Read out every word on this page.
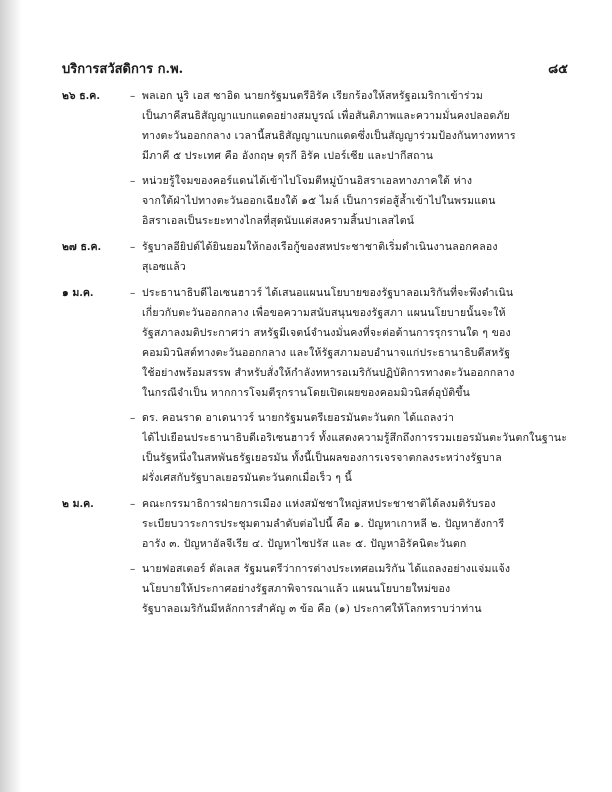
บริการสวัสดิการ ก.พ.	๘๕
๒๖ ธ.ค.	– พลเอก นูริ เอส ซาอิด นายกรัฐมนตรีอิรัค เรียกร้องให้สหรัฐอเมริกาเข้าร่วม
เป็นภาคีสนธิสัญญาแบกแดดอย่างสมบูรณ์ เพื่อสันติภาพและความมั่นคงปลอดภัย
ทางตะวันออกกลาง เวลานี้สนธิสัญญาแบกแดดซึ่งเป็นสัญญาร่วมป้องกันทางทหาร
มีภาคี ๕ ประเทศ คือ อังกฤษ ตุรกี อิรัค เปอร์เซีย และปากีสถาน
– หน่วยรู้ใจมของคอร์แดนได้เข้าไปโจมตีหมู่บ้านอิสราเอลทางภาคใต้ ห่าง
จากใต้ฝ่าไปทางตะวันออกเฉียงใต้ ๑๕ ไมล์ เป็นการต่อสู้ล้ำเข้าไปในพรมแดน
อิสราเอลเป็นระยะทางไกลที่สุดนับแต่สงครามสิ้นปาเลสไตน์
๒๗ ธ.ค.	– รัฐบาลอียิปต์ได้ยินยอมให้กองเรือกู้ของสหประชาชาติเริ่มดำเนินงานลอกคลอง
สุเอซแล้ว
๑ ม.ค.	– ประธานาธิบดีไอเซนฮาวร์ ได้เสนอแผนนโยบายของรัฐบาลอเมริกันที่จะพึงดำเนิน
เกี่ยวกับตะวันออกกลาง เพื่อขอความสนับสนุนของรัฐสภา แผนนโยบายนั้นจะให้
รัฐสภาลงมติประกาศว่า สหรัฐมีเจตน์จำนงมั่นคงที่จะต่อต้านการรุกรานใด ๆ ของ
คอมมิวนิสต์ทางตะวันออกกลาง และให้รัฐสภามอบอำนาจแก่ประธานาธิบดีสหรัฐ
ใช้อย่างพร้อมสรรพ สำหรับสั่งให้กำลังทหารอเมริกันปฏิบัติการทางตะวันออกกลาง
ในกรณีจำเป็น หากการโจมตีรุกรานโดยเปิดเผยของคอมมิวนิสต์อุบัติขึ้น
– ดร. คอนราด อาเดนาวร์ นายกรัฐมนตรีเยอรมันตะวันตก ได้แถลงว่า
ได้ไปเยือนประธานาธิบดีเอริเซนฮาวร์ ทั้งแสดงความรู้สึกถึงการรวมเยอรมันตะวันตกในฐานะ
เป็นรัฐหนึ่งในสหพันธรัฐเยอรมัน ทั้งนี้เป็นผลของการเจรจาตกลงระหว่างรัฐบาล
ฝรั่งเศสกับรัฐบาลเยอรมันตะวันตกเมื่อเร็ว ๆ นี้
๒ ม.ค.	– คณะกรรมาธิการฝ่ายการเมือง แห่งสมัชชาใหญ่สหประชาชาติได้ลงมติรับรอง
ระเบียบวาระการประชุมตามลำดับต่อไปนี้ คือ ๑. ปัญหาเกาหลี ๒. ปัญหาฮังการี
อารัง ๓. ปัญหาอัลจีเรีย ๔. ปัญหาไซปรัส และ ๕. ปัญหาอิรัคนิตะวันตก
– นายฟอสเตอร์ ดัลเลส รัฐมนตรีว่าการต่างประเทศอเมริกัน ได้แถลงอย่างแจ่มแจ้ง
นโยบายให้ประกาศอย่างรัฐสภาพิจารณาแล้ว แผนนโยบายใหม่ของ
รัฐบาลอเมริกันมีหลักการสำคัญ ๓ ข้อ คือ (๑) ประกาศให้โลกทราบว่าท่าน
